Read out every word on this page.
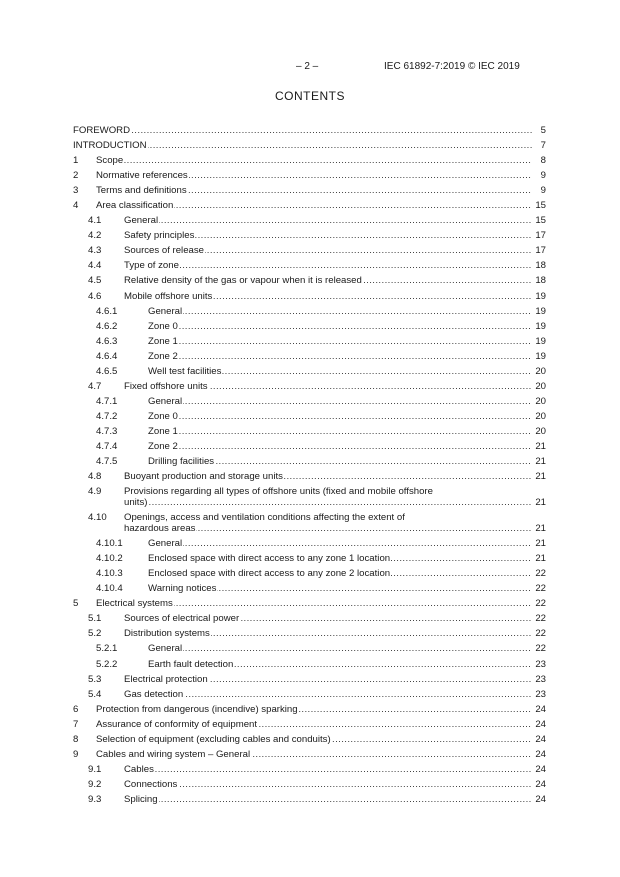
– 2 –	IEC 61892-7:2019 © IEC 2019
CONTENTS
.....
FOREWORD	5
.....
INTRODUCTION	7
1 ..... Scope	8
2 ..... Normative references	9
3 ..... Terms and definitions	9
4 ..... Area classification	15
4.1 ..... General	15
4.2 ..... Safety principles	17
4.3 ..... Sources of release	17
4.4 ..... Type of zone	18
4.5 ..... Relative density of the gas or vapour when it is released	18
4.6 ..... Mobile offshore units	19
4.6.1 .....	General	19
4.6.2 .....	Zone 0	19
4.6.3 .....	Zone 1	19
4.6.4 .....	Zone 2	19
4.6.5 .....	Well test facilities	20
4.7 ..... Fixed offshore units	20
4.7.1 .....	General	20
4.7.2 .....	Zone 0	20
4.7.3 .....	Zone 1	20
4.7.4 .....	Zone 2	21
4.7.5 .....	Drilling facilities	21
4.8 ..... Buoyant production and storage units	21
4.9
..... Provisions regarding all types of offshore units (fixed and mobile offshore
units)	21
4.10
..... Openings, access and ventilation conditions affecting the extent of
hazardous areas	21
4.10.1 .....	General	21
4.10.2 .....	Enclosed space with direct access to any zone 1 location	21
4.10.3 .....	Enclosed space with direct access to any zone 2 location	22
4.10.4 .....	Warning notices	22
5 ..... Electrical systems	22
5.1 ..... Sources of electrical power	22
5.2 ..... Distribution systems	22
5.2.1 .....	General	22
5.2.2 .....	Earth fault detection	23
5.3 ..... Electrical protection	23
5.4 ..... Gas detection	23
6 ..... Protection from dangerous (incendive) sparking	24
7 ..... Assurance of conformity of equipment	24
8 ..... Selection of equipment (excluding cables and conduits)	24
9 ..... Cables and wiring system – General	24
9.1 ..... Cables	24
9.2 ..... Connections	24
9.3 ..... Splicing	24
